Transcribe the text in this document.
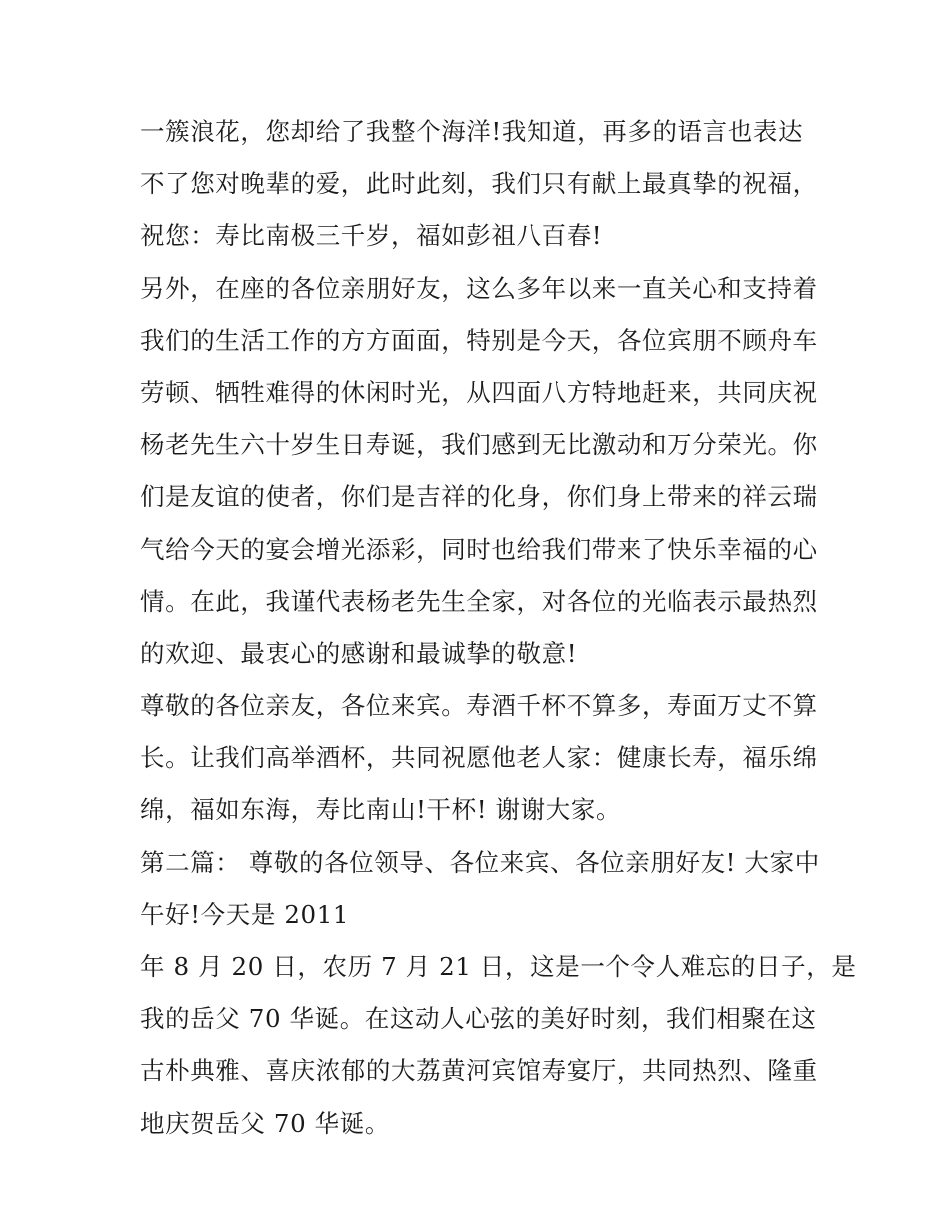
一簇浪花，您却给了我整个海洋!我知道，再多的语言也表达
不了您对晚辈的爱，此时此刻，我们只有献上最真挚的祝福，
祝您：寿比南极三千岁，福如彭祖八百春!
另外，在座的各位亲朋好友，这么多年以来一直关心和支持着
我们的生活工作的方方面面，特别是今天，各位宾朋不顾舟车
劳顿、牺牲难得的休闲时光，从四面八方特地赶来，共同庆祝
杨老先生六十岁生日寿诞，我们感到无比激动和万分荣光。你
们是友谊的使者，你们是吉祥的化身，你们身上带来的祥云瑞
气给今天的宴会增光添彩，同时也给我们带来了快乐幸福的心
情。在此，我谨代表杨老先生全家，对各位的光临表示最热烈
的欢迎、最衷心的感谢和最诚挚的敬意!
尊敬的各位亲友，各位来宾。寿酒千杯不算多，寿面万丈不算
长。让我们高举酒杯，共同祝愿他老人家：健康长寿，福乐绵
绵，福如东海，寿比南山!干杯! 谢谢大家。
第二篇： 尊敬的各位领导、各位来宾、各位亲朋好友! 大家中
午好!今天是 2011
年 8 月 20 日，农历 7 月 21 日，这是一个令人难忘的日子，是
我的岳父 70 华诞。在这动人心弦的美好时刻，我们相聚在这
古朴典雅、喜庆浓郁的大荔黄河宾馆寿宴厅，共同热烈、隆重
地庆贺岳父 70 华诞。
